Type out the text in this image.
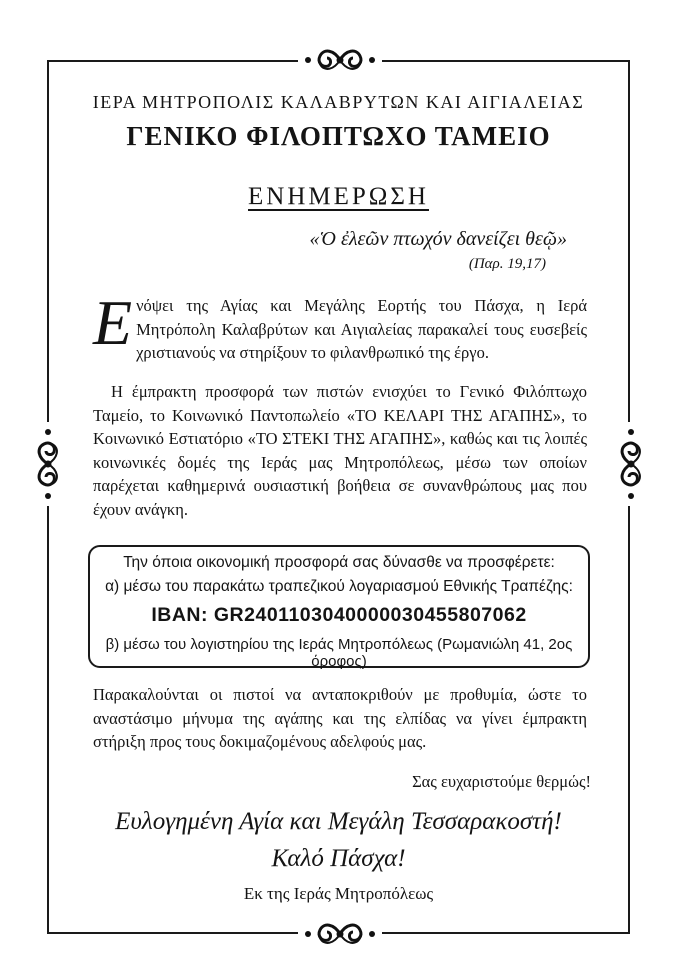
ΙΕΡΑ ΜΗΤΡΟΠΟΛΙΣ ΚΑΛΑΒΡΥΤΩΝ ΚΑΙ ΑΙΓΙΑΛΕΙΑΣ
ΓΕΝΙΚΟ ΦΙΛΟΠΤΩΧΟ ΤΑΜΕΙΟ
ΕΝΗΜΕΡΩΣΗ
«Ὁ ἐλεῶν πτωχόν δανείζει θεῷ»
(Παρ. 19,17)
Ε νόψει της Αγίας και Μεγάλης Εορτής του Πάσχα, η Ιερά Μητρόπολη Καλαβρύτων και Αιγιαλείας παρακαλεί τους ευσεβείς χριστιανούς να στηρίξουν το φιλανθρωπικό της έργο.
Η έμπρακτη προσφορά των πιστών ενισχύει το Γενικό Φιλόπτωχο Ταμείο, το Κοινωνικό Παντοπωλείο «ΤΟ ΚΕΛΑΡΙ ΤΗΣ ΑΓΑΠΗΣ», το Κοινωνικό Εστιατόριο «ΤΟ ΣΤΕΚΙ ΤΗΣ ΑΓΑΠΗΣ», καθώς και τις λοιπές κοινωνικές δομές της Ιεράς μας Μητροπόλεως, μέσω των οποίων παρέχεται καθημερινά ουσιαστική βοήθεια σε συνανθρώπους μας που έχουν ανάγκη.
Την όποια οικονομική προσφορά σας δύνασθε να προσφέρετε:
α) μέσω του παρακάτω τραπεζικού λογαριασμού Εθνικής Τραπέζης:
IBAN: GR2401103040000030455807062
β) μέσω του λογιστηρίου της Ιεράς Μητροπόλεως (Ρωμανιώλη 41, 2ος όροφος)
Παρακαλούνται οι πιστοί να ανταποκριθούν με προθυμία, ώστε το αναστάσιμο μήνυμα της αγάπης και της ελπίδας να γίνει έμπρακτη στήριξη προς τους δοκιμαζομένους αδελφούς μας.
Σας ευχαριστούμε θερμώς!
Ευλογημένη Αγία και Μεγάλη Τεσσαρακοστή!
Καλό Πάσχα!
Εκ της Ιεράς Μητροπόλεως
